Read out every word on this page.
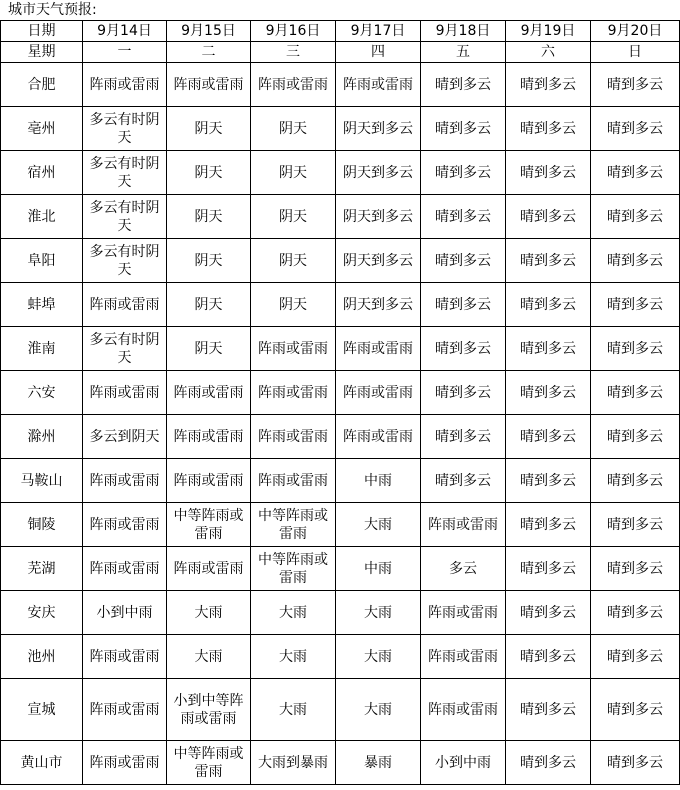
城市天气预报:
日期	9月14日	9月15日	9月16日	9月17日	9月18日	9月19日	9月20日
星期	一	二	三	四	五	六	日
合肥	阵雨或雷雨	阵雨或雷雨	阵雨或雷雨	阵雨或雷雨	晴到多云	晴到多云	晴到多云
亳州	多云有时阴天	阴天	阴天	阴天到多云	晴到多云	晴到多云	晴到多云
宿州	多云有时阴天	阴天	阴天	阴天到多云	晴到多云	晴到多云	晴到多云
淮北	多云有时阴天	阴天	阴天	阴天到多云	晴到多云	晴到多云	晴到多云
阜阳	多云有时阴天	阴天	阴天	阴天到多云	晴到多云	晴到多云	晴到多云
蚌埠	阵雨或雷雨	阴天	阴天	阴天到多云	晴到多云	晴到多云	晴到多云
淮南	多云有时阴天	阴天	阵雨或雷雨	阵雨或雷雨	晴到多云	晴到多云	晴到多云
六安	阵雨或雷雨	阵雨或雷雨	阵雨或雷雨	阵雨或雷雨	晴到多云	晴到多云	晴到多云
滁州	多云到阴天	阵雨或雷雨	阵雨或雷雨	阵雨或雷雨	晴到多云	晴到多云	晴到多云
马鞍山	阵雨或雷雨	阵雨或雷雨	阵雨或雷雨	中雨	晴到多云	晴到多云	晴到多云
铜陵	阵雨或雷雨	中等阵雨或雷雨	中等阵雨或雷雨	大雨	阵雨或雷雨	晴到多云	晴到多云
芜湖	阵雨或雷雨	阵雨或雷雨	中等阵雨或雷雨	中雨	多云	晴到多云	晴到多云
安庆	小到中雨	大雨	大雨	大雨	阵雨或雷雨	晴到多云	晴到多云
池州	阵雨或雷雨	大雨	大雨	大雨	阵雨或雷雨	晴到多云	晴到多云
宣城	阵雨或雷雨	小到中等阵雨或雷雨	大雨	大雨	阵雨或雷雨	晴到多云	晴到多云
黄山市	阵雨或雷雨	中等阵雨或雷雨	大雨到暴雨	暴雨	小到中雨	晴到多云	晴到多云
